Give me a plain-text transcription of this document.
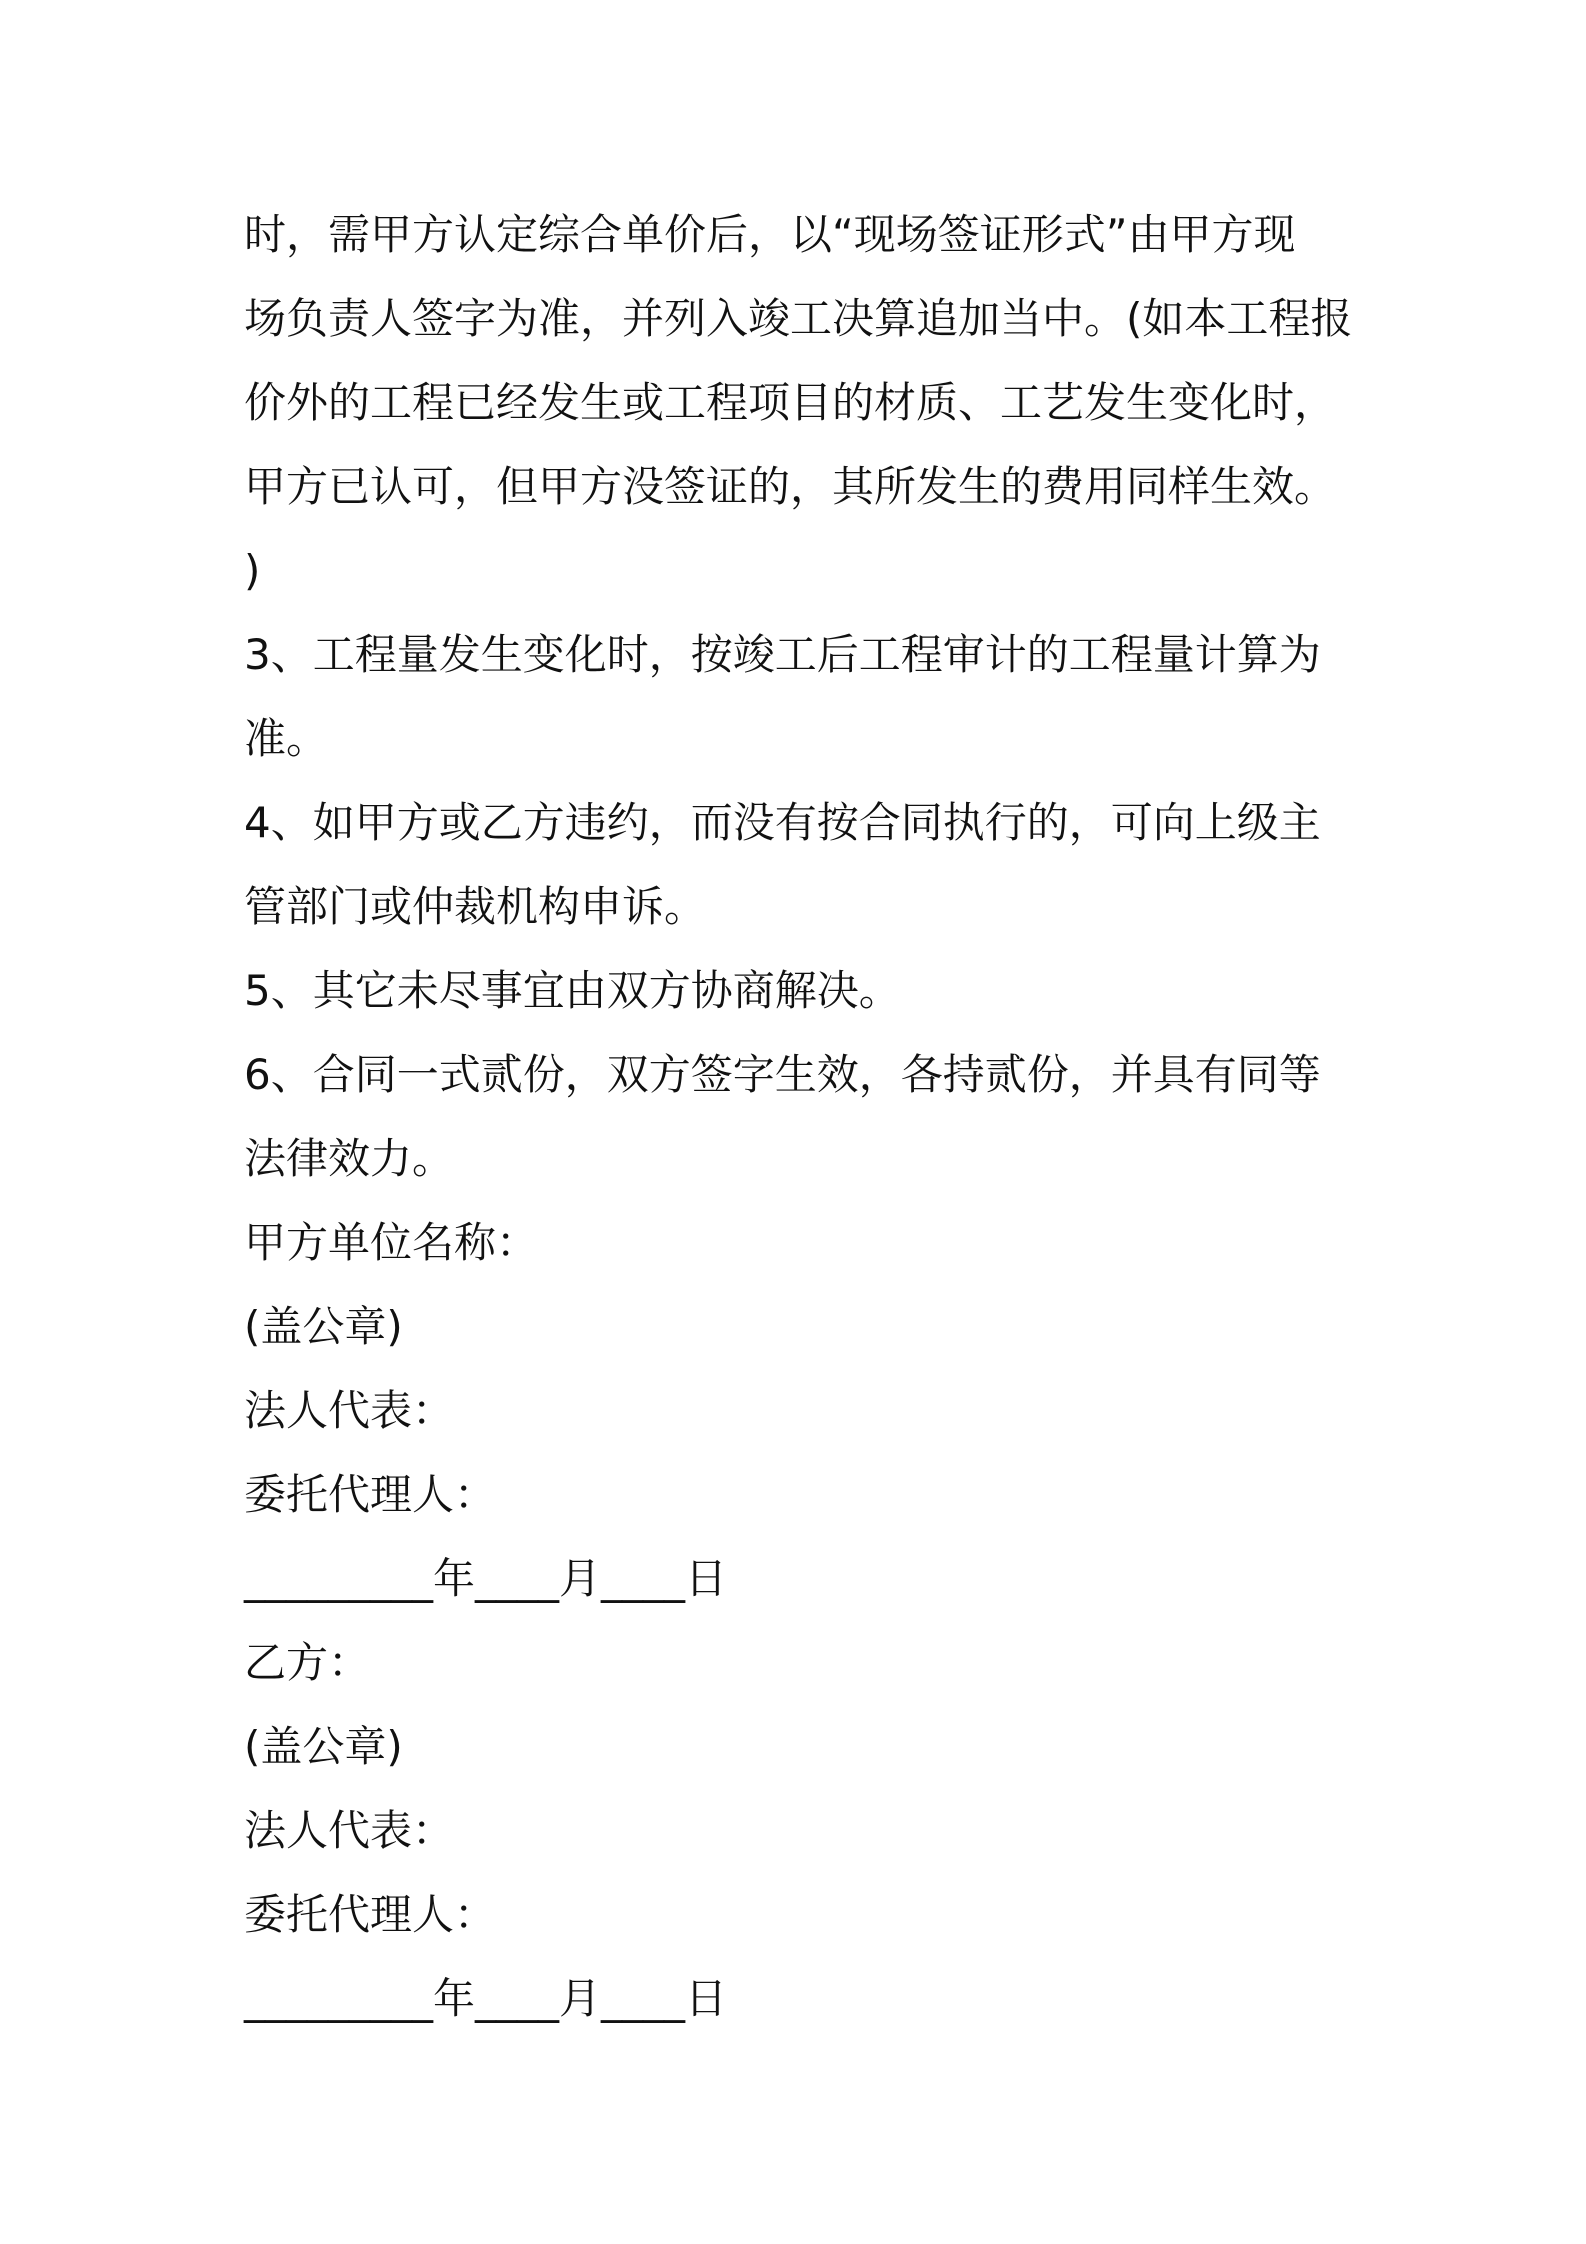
时，需甲方认定综合单价后，以“现场签证形式”由甲方现

场负责人签字为准，并列入竣工决算追加当中。(如本工程报

价外的工程已经发生或工程项目的材质、工艺发生变化时，

甲方已认可，但甲方没签证的，其所发生的费用同样生效。

)

3、工程量发生变化时，按竣工后工程审计的工程量计算为

准。

4、如甲方或乙方违约，而没有按合同执行的，可向上级主

管部门或仲裁机构申诉。

5、其它未尽事宜由双方协商解决。

6、合同一式贰份，双方签字生效，各持贰份，并具有同等

法律效力。

甲方单位名称：

(盖公章)

法人代表：

委托代理人：

_________年____月____日

乙方：

(盖公章)

法人代表：

委托代理人：

_________年____月____日
